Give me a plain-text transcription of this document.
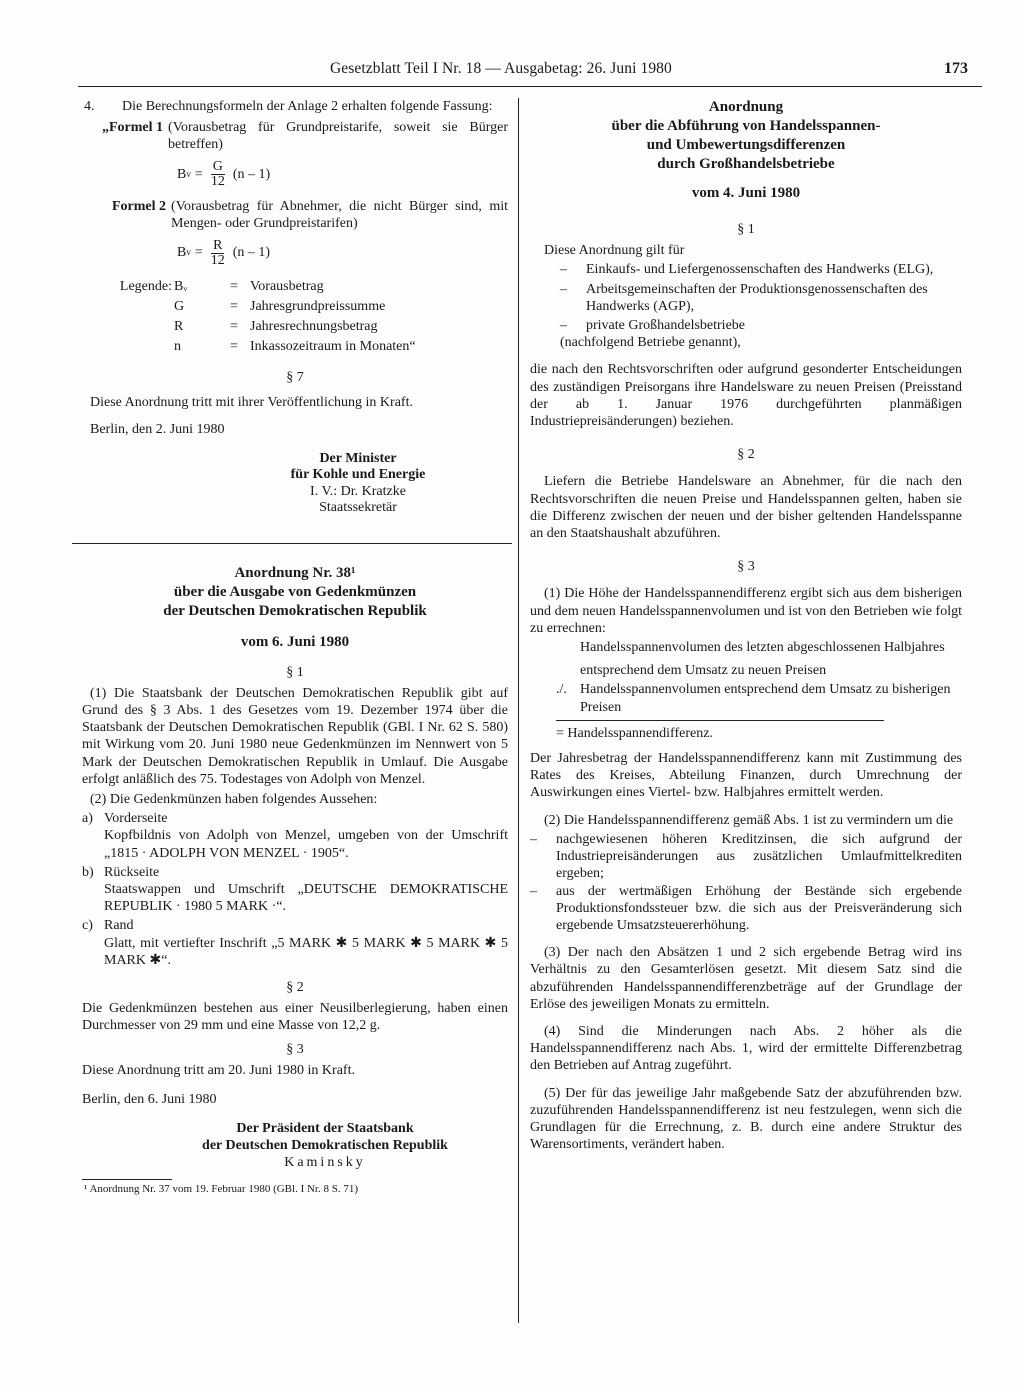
Gesetzblatt Teil I Nr. 18 — Ausgabetag: 26. Juni 1980	173
4.	Die Berechnungsformeln der Anlage 2 erhalten folgende Fassung:

„Formel 1 (Vorausbetrag für Grundpreistarife, soweit sie Bürger betreffen)
B $v = \frac{G}{12} (n - 1)$
Formel 2 (Vorausbetrag für Abnehmer, die nicht Bürger sind, mit Mengen- oder Grundpreistarifen)
B $v = \frac{R}{12} (n - 1)$
Legende: Bᵥ	= Vorausbetrag
G	= Jahresgrundpreissumme
R	= Jahresrechnungsbetrag
n	= Inkassozeitraum in Monaten“

§ 7

Diese Anordnung tritt mit ihrer Veröffentlichung in Kraft.

Berlin, den 2. Juni 1980

Der Minister

für Kohle und Energie

I. V.: Dr. Kratzke

Staatssekretär

Anordnung Nr. 38¹

über die Ausgabe von Gedenkmünzen

der Deutschen Demokratischen Republik

vom 6. Juni 1980

§ 1

(1) Die Staatsbank der Deutschen Demokratischen Republik gibt auf Grund des § 3 Abs. 1 des Gesetzes vom 19. Dezember 1974 über die Staatsbank der Deutschen Demokratischen Republik (GBl. I Nr. 62 S. 580) mit Wirkung vom 20. Juni 1980 neue Gedenkmünzen im Nennwert von 5 Mark der Deutschen Demokratischen Republik in Umlauf. Die Ausgabe erfolgt anläßlich des 75. Todestages von Adolph von Menzel.

(2) Die Gedenkmünzen haben folgendes Aussehen:

a) Vorderseite

Kopfbildnis von Adolph von Menzel, umgeben von der Umschrift „1815 · ADOLPH VON MENZEL · 1905“.

b) Rückseite

Staatswappen und Umschrift „DEUTSCHE DEMOKRATISCHE REPUBLIK · 1980 5 MARK ·“.

c) Rand

Glatt, mit vertiefter Inschrift „5 MARK ✱ 5 MARK ✱ 5 MARK ✱ 5 MARK ✱“.

§ 2

Die Gedenkmünzen bestehen aus einer Neusilberlegierung, haben einen Durchmesser von 29 mm und eine Masse von 12,2 g.

§ 3

Diese Anordnung tritt am 20. Juni 1980 in Kraft.

Berlin, den 6. Juni 1980

Der Präsident der Staatsbank

der Deutschen Demokratischen Republik

Kaminsky

¹ Anordnung Nr. 37 vom 19. Februar 1980 (GBl. I Nr. 8 S. 71)

Anordnung

über die Abführung von Handelsspannen-

und Umbewertungsdifferenzen

durch Großhandelsbetriebe

vom 4. Juni 1980

§ 1

Diese Anordnung gilt für

–	Einkaufs- und Liefergenossenschaften des Handwerks (ELG),
–	Arbeitsgemeinschaften der Produktionsgenossenschaften des Handwerks (AGP),
–	private Großhandelsbetriebe

(nachfolgend Betriebe genannt),

die nach den Rechtsvorschriften oder aufgrund gesonderter Entscheidungen des zuständigen Preisorgans ihre Handelsware zu neuen Preisen (Preisstand der ab 1. Januar 1976 durchgeführten planmäßigen Industriepreisänderungen) beziehen.

§ 2

Liefern die Betriebe Handelsware an Abnehmer, für die nach den Rechtsvorschriften die neuen Preise und Handelsspannen gelten, haben sie die Differenz zwischen der neuen und der bisher geltenden Handelsspanne an den Staatshaushalt abzuführen.

§ 3

(1) Die Höhe der Handelsspannendifferenz ergibt sich aus dem bisherigen und dem neuen Handelsspannenvolumen und ist von den Betrieben wie folgt zu errechnen:

Handelsspannenvolumen des letzten abgeschlossenen Halbjahres
entsprechend dem Umsatz zu neuen Preisen
./. Handelsspannenvolumen entsprechend dem Umsatz zu bisherigen Preisen

= Handelsspannendifferenz.

Der Jahresbetrag der Handelsspannendifferenz kann mit Zustimmung des Rates des Kreises, Abteilung Finanzen, durch Umrechnung der Auswirkungen eines Viertel- bzw. Halbjahres ermittelt werden.

(2) Die Handelsspannendifferenz gemäß Abs. 1 ist zu vermindern um die

–	nachgewiesenen höheren Kreditzinsen, die sich aufgrund der Industriepreisänderungen aus zusätzlichen Umlaufmittelkrediten ergeben;
–	aus der wertmäßigen Erhöhung der Bestände sich ergebende Produktionsfondssteuer bzw. die sich aus der Preisveränderung sich ergebende Umsatzsteuererhöhung.

(3) Der nach den Absätzen 1 und 2 sich ergebende Betrag wird ins Verhältnis zu den Gesamterlösen gesetzt. Mit diesem Satz sind die abzuführenden Handelsspannendifferenzbeträge auf der Grundlage der Erlöse des jeweiligen Monats zu ermitteln.

(4) Sind die Minderungen nach Abs. 2 höher als die Handelsspannendifferenz nach Abs. 1, wird der ermittelte Differenzbetrag den Betrieben auf Antrag zugeführt.

(5) Der für das jeweilige Jahr maßgebende Satz der abzuführenden bzw. zuzuführenden Handelsspannendifferenz ist neu festzulegen, wenn sich die Grundlagen für die Errechnung, z. B. durch eine andere Struktur des Warensortiments, verändert haben.
